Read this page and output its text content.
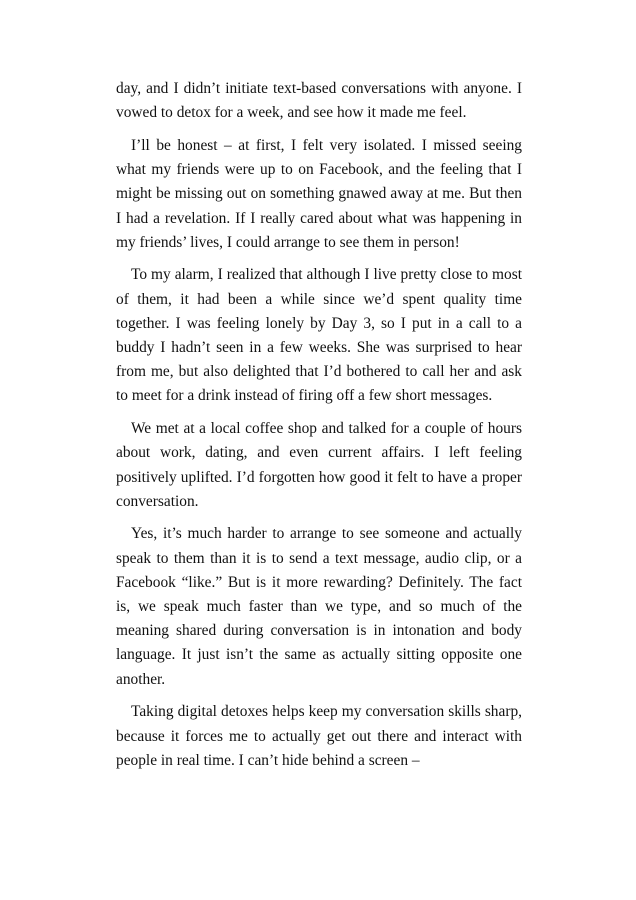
day, and I didn’t initiate text-based conversations with anyone. I vowed to detox for a week, and see how it made me feel.

I’ll be honest – at first, I felt very isolated. I missed seeing what my friends were up to on Facebook, and the feeling that I might be missing out on something gnawed away at me. But then I had a revelation. If I really cared about what was happening in my friends’ lives, I could arrange to see them in person!

To my alarm, I realized that although I live pretty close to most of them, it had been a while since we’d spent quality time together. I was feeling lonely by Day 3, so I put in a call to a buddy I hadn’t seen in a few weeks. She was surprised to hear from me, but also delighted that I’d bothered to call her and ask to meet for a drink instead of firing off a few short messages.

We met at a local coffee shop and talked for a couple of hours about work, dating, and even current affairs. I left feeling positively uplifted. I’d forgotten how good it felt to have a proper conversation.

Yes, it’s much harder to arrange to see someone and actually speak to them than it is to send a text message, audio clip, or a Facebook “like.” But is it more rewarding? Definitely. The fact is, we speak much faster than we type, and so much of the meaning shared during conversation is in intonation and body language. It just isn’t the same as actually sitting opposite one another.

Taking digital detoxes helps keep my conversation skills sharp, because it forces me to actually get out there and interact with people in real time. I can’t hide behind a screen –
